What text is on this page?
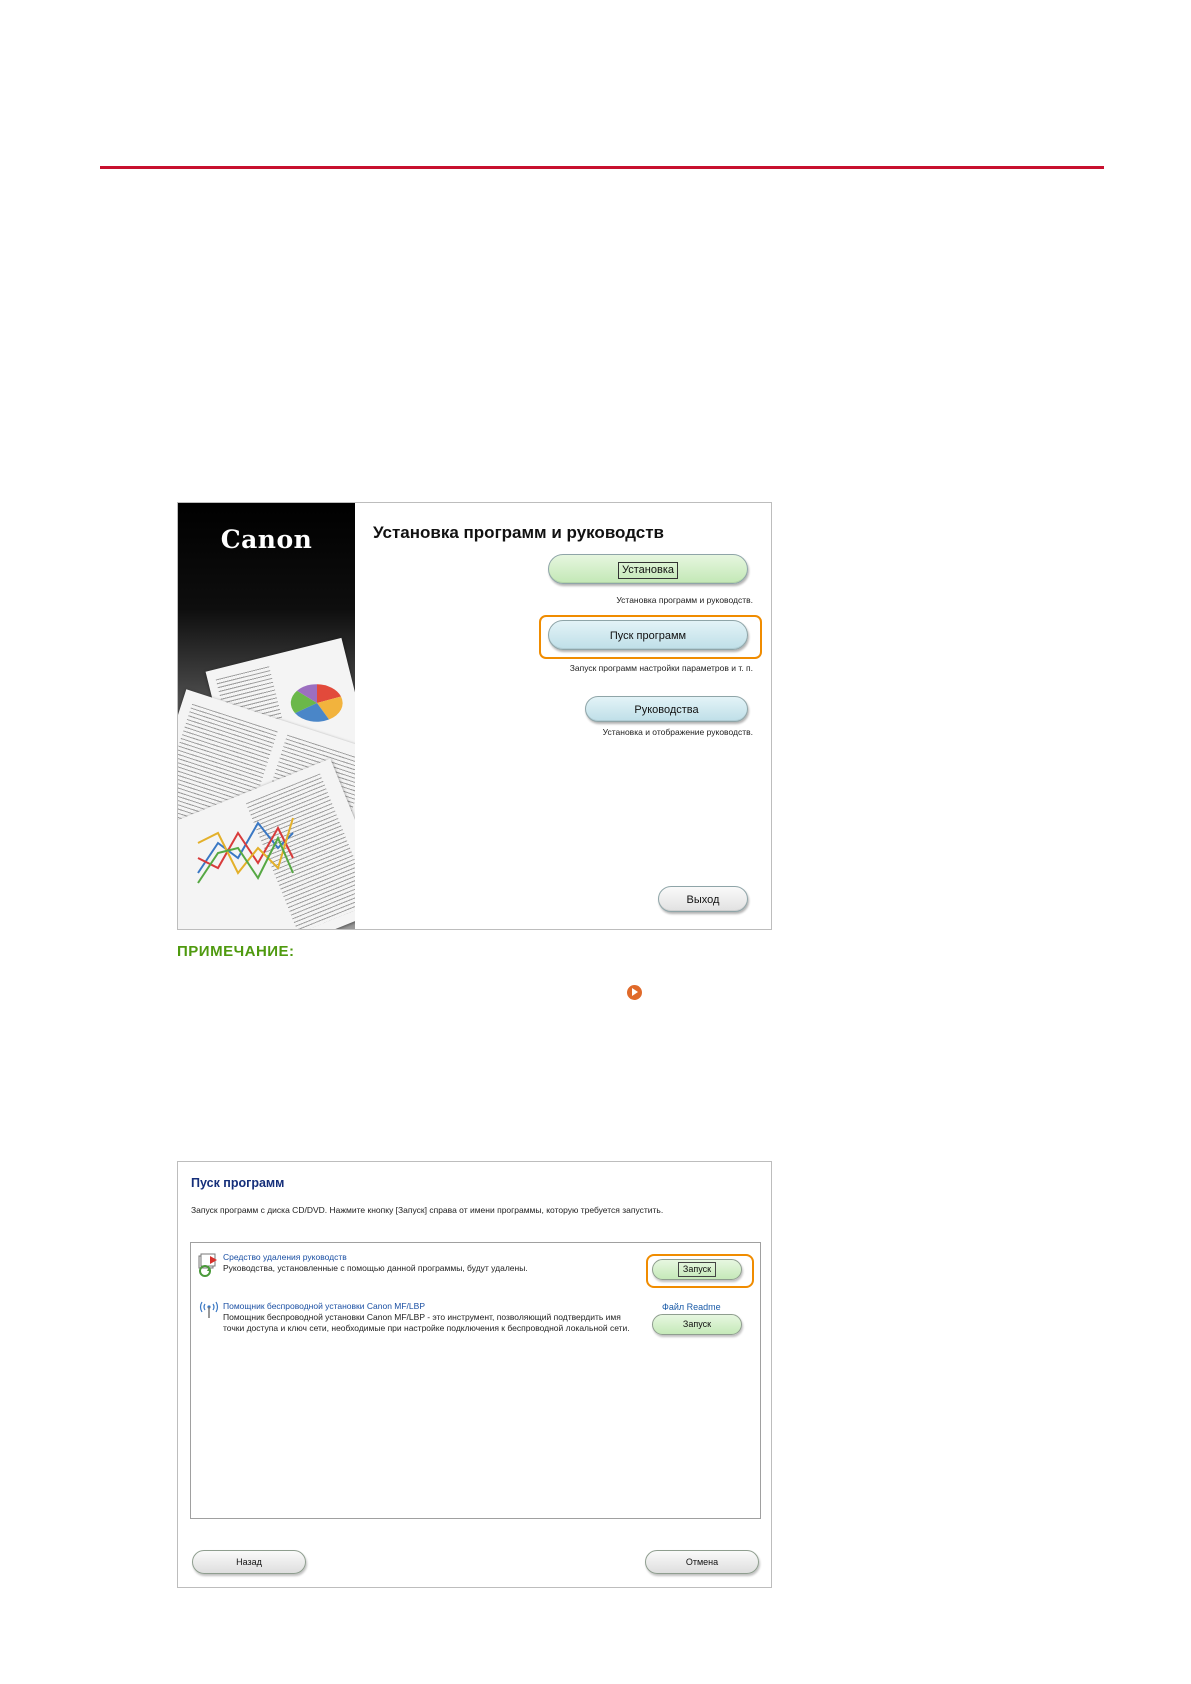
Canon	Установка программ и руководств
Установка
Установка программ и руководств.
Пуск программ
Запуск программ настройки параметров и т. п.
Руководства
Установка и отображение руководств.
Выход
ПРИМЕЧАНИЕ:
Пуск программ
Запуск программ с диска CD/DVD. Нажмите кнопку [Запуск] справа от имени программы, которую требуется запустить.
Средство удаления руководств
Руководства, установленные с помощью данной программы, будут удалены.	Запуск
Помощник беспроводной установки Canon MF/LBP
Помощник беспроводной установки Canon MF/LBP - это инструмент, позволяющий подтвердить имя точки доступа и ключ сети, необходимые при настройке подключения к беспроводной локальной сети.
Файл Readme
Запуск
Назад	Отмена
